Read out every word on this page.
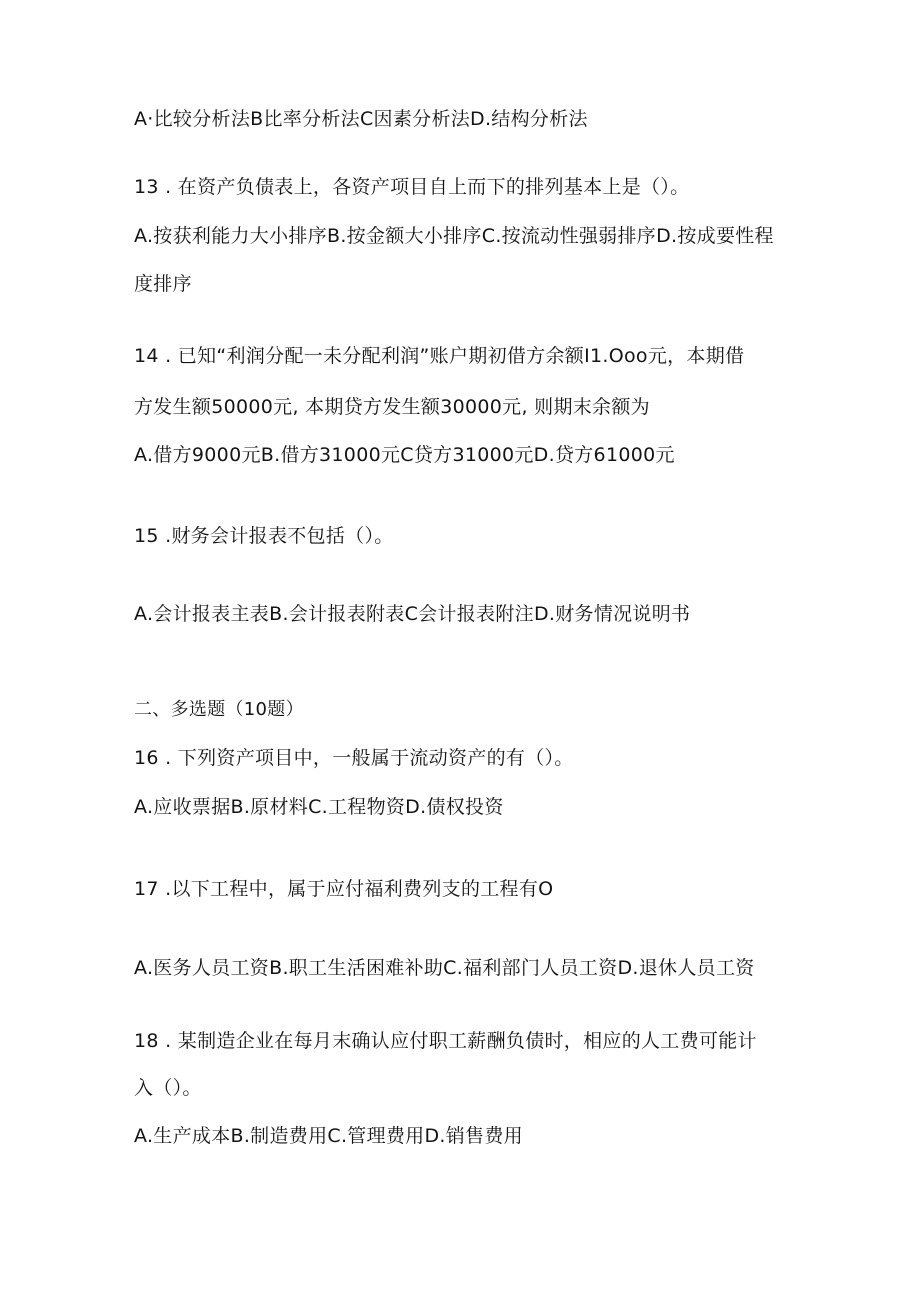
A·比较分析法B比率分析法C因素分析法D.结构分析法
13 . 在资产负债表上，各资产项目自上而下的排列基本上是（）。
A.按获利能力大小排序B.按金额大小排序C.按流动性强弱排序D.按成要性程
度排序
14 . 已知“利润分配一未分配利润”账户期初借方余额I1.Ooo元，本期借
方发生额50000元, 本期贷方发生额30000元, 则期末余额为
A.借方9000元B.借方31000元C贷方31000元D.贷方61000元
15 .财务会计报表不包括（）。
A.会计报表主表B.会计报表附表C会计报表附注D.财务情况说明书
二、多选题（10题）
16 . 下列资产项目中，一般属于流动资产的有（）。
A.应收票据B.原材料C.工程物资D.债权投资
17 .以下工程中，属于应付福利费列支的工程有O
A.医务人员工资B.职工生活困难补助C.福利部门人员工资D.退休人员工资
18 . 某制造企业在每月末确认应付职工薪酬负债时，相应的人工费可能计
入（）。
A.生产成本B.制造费用C.管理费用D.销售费用
